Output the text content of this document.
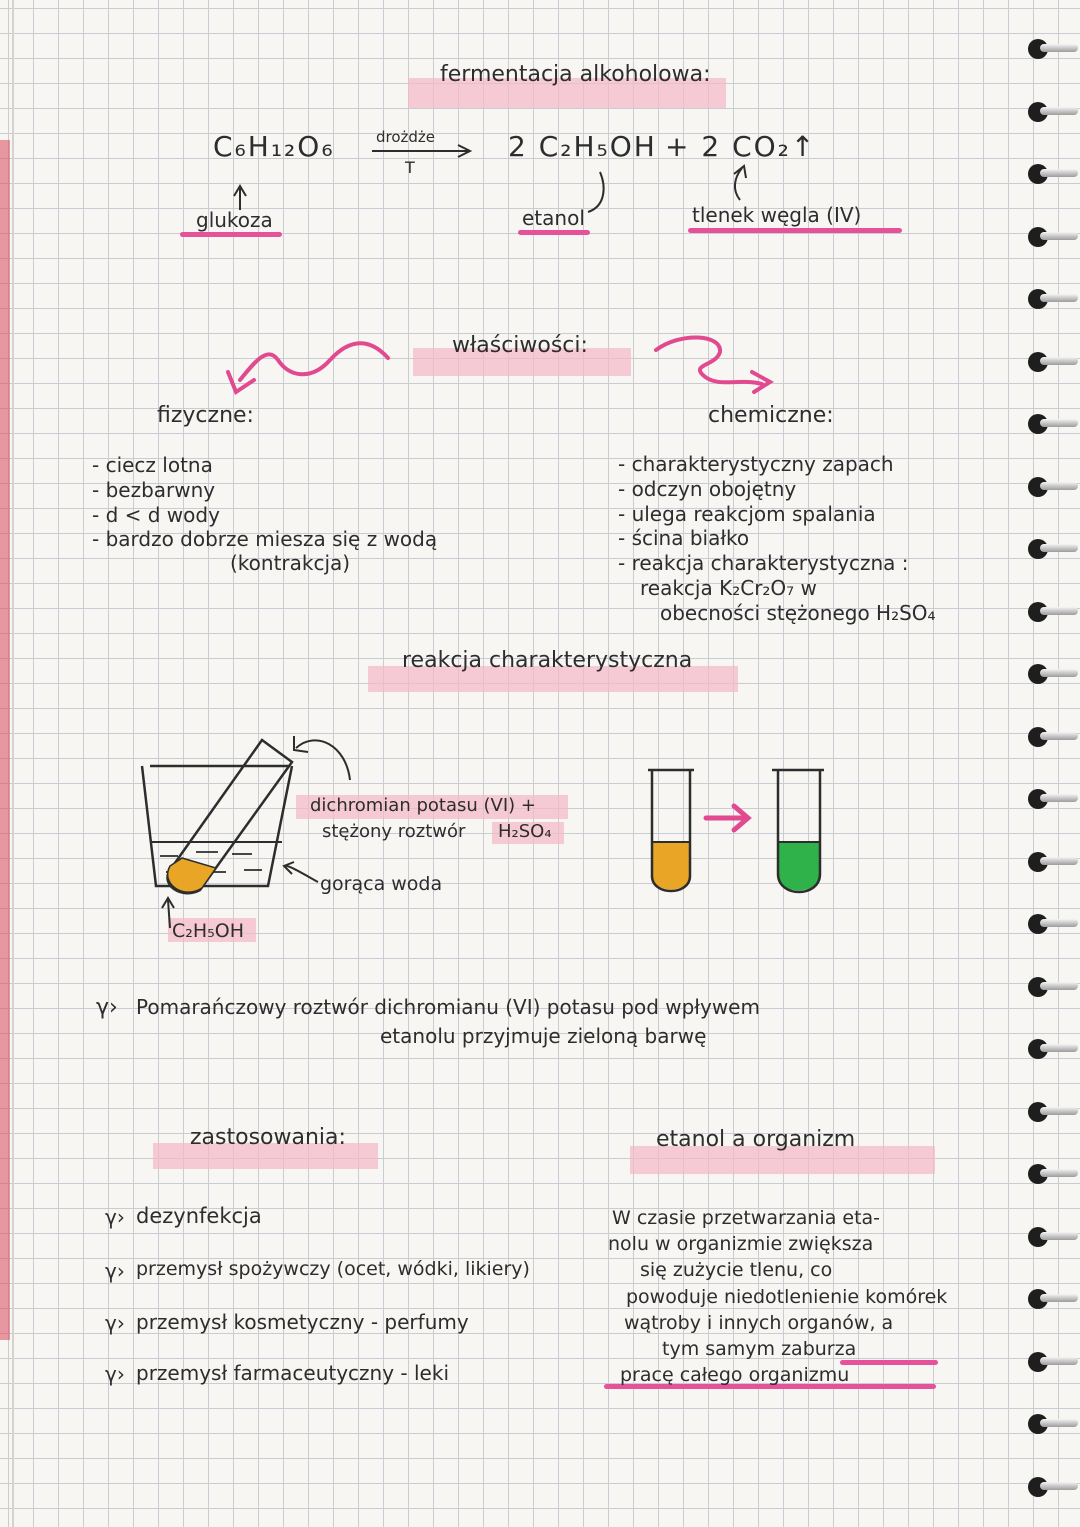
fermentacja alkoholowa:
C₆H₁₂O₆	drożdże
T
2 C₂H₅OH + 2 CO₂↑
glukoza	etanol	tlenek węgla (IV)
właściwości:
fizyczne:	chemiczne:
- ciecz lotna
- bezbarwny
- d < d wody
- bardzo dobrze miesza się z wodą
(kontrakcja)
- charakterystyczny zapach
- odczyn obojętny
- ulega reakcjom spalania
- ścina białko
- reakcja charakterystyczna :
reakcja K₂Cr₂O₇ w
obecności stężonego H₂SO₄
reakcja charakterystyczna
dichromian potasu (VI) +
stężony roztwór H₂SO₄
gorąca woda
C₂H₅OH
γ› Pomarańczowy roztwór dichromianu (VI) potasu pod wpływem
etanolu przyjmuje zieloną barwę
zastosowania:
γ› dezynfekcja
γ› przemysł spożywczy (ocet, wódki, likiery)
γ› przemysł kosmetyczny - perfumy
γ› przemysł farmaceutyczny - leki
etanol a organizm
W czasie przetwarzania eta-
nolu w organizmie zwiększa
się zużycie tlenu, co
powoduje niedotlenienie komórek
wątroby i innych organów, a
tym samym zaburza
pracę całego organizmu
